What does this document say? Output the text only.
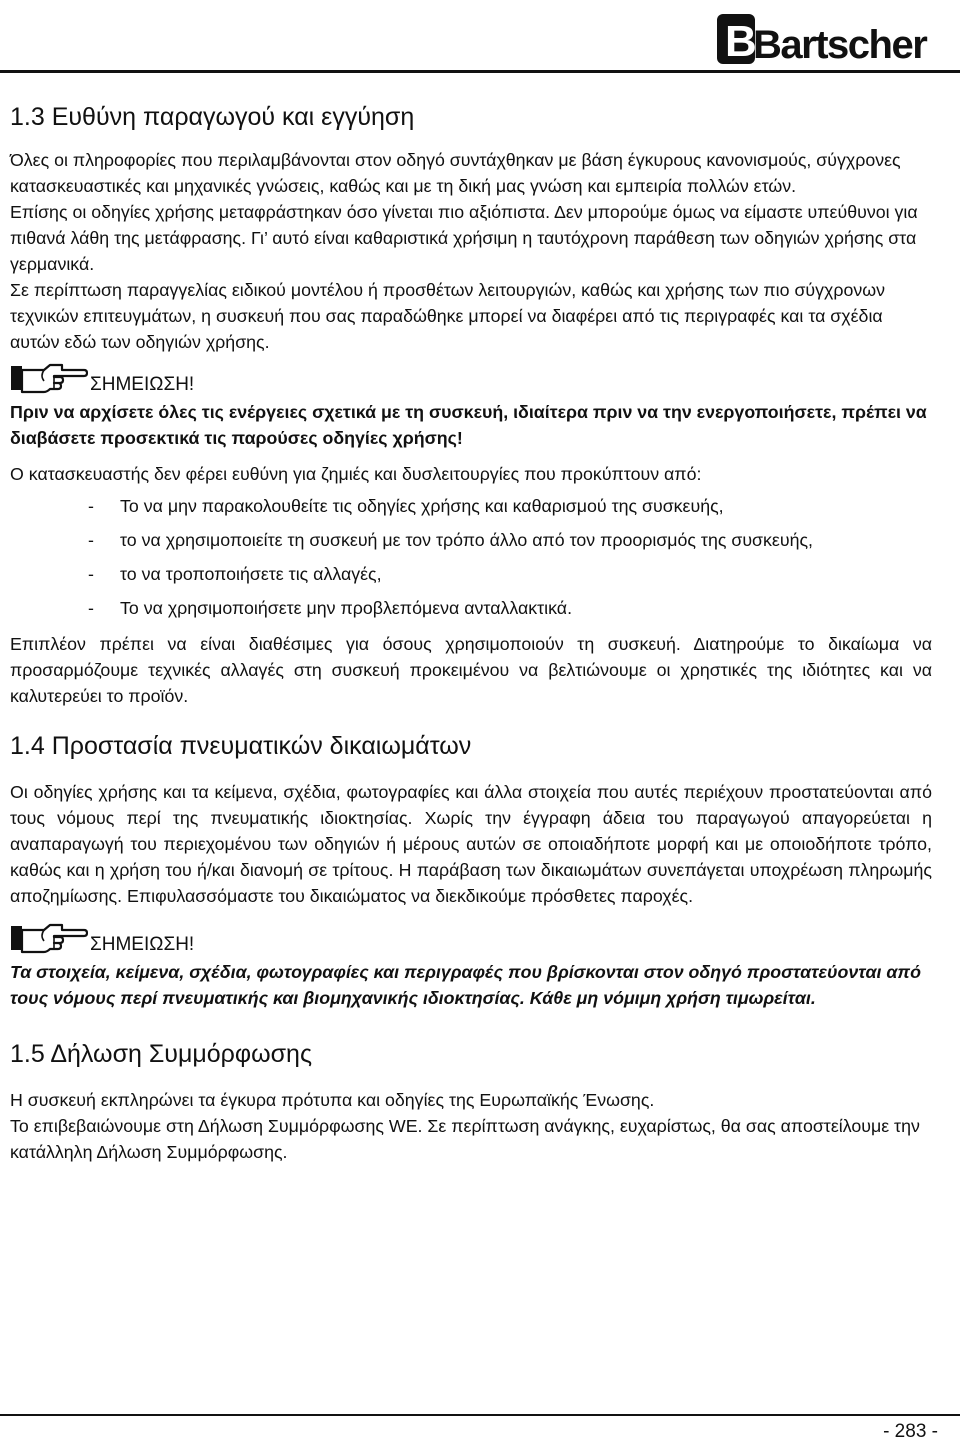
B
Bartscher
1.3 Ευθύνη παραγωγού και εγγύηση

Όλες οι πληροφορίες που περιλαμβάνονται στον οδηγό συντάχθηκαν με βάση έγκυρους κανονισμούς, σύγχρονες κατασκευαστικές και μηχανικές γνώσεις, καθώς και με τη δική μας γνώση και εμπειρία πολλών ετών.

Επίσης οι οδηγίες χρήσης μεταφράστηκαν όσο γίνεται πιο αξιόπιστα. Δεν μπορούμε όμως να είμαστε υπεύθυνοι για πιθανά λάθη της μετάφρασης. Γι’ αυτό είναι καθαριστικά χρήσιμη η ταυτόχρονη παράθεση των οδηγιών χρήσης στα γερμανικά.

Σε περίπτωση παραγγελίας ειδικού μοντέλου ή προσθέτων λειτουργιών, καθώς και χρήσης των πιο σύγχρονων τεχνικών επιτευγμάτων, η συσκευή που σας παραδώθηκε μπορεί να διαφέρει από τις περιγραφές και τα σχέδια αυτών εδώ των οδηγιών χρήσης.

ΣΗΜΕΙΩΣΗ!

Πριν να αρχίσετε όλες τις ενέργειες σχετικά με τη συσκευή, ιδιαίτερα πριν να την ενεργοποιήσετε, πρέπει να διαβάσετε προσεκτικά τις παρούσες οδηγίες χρήσης!

Ο κατασκευαστής δεν φέρει ευθύνη για ζημιές και δυσλειτουργίες που προκύπτουν από:

- Το να μην παρακολουθείτε τις οδηγίες χρήσης και καθαρισμού της συσκευής,
- το να χρησιμοποιείτε τη συσκευή με τον τρόπο άλλο από τον προορισμός της συσκευής,
- το να τροποποιήσετε τις αλλαγές,
- Το να χρησιμοποιήσετε μην προβλεπόμενα ανταλλακτικά.

Επιπλέον πρέπει να είναι διαθέσιμες για όσους χρησιμοποιούν τη συσκευή. Διατηρούμε το δικαίωμα να προσαρμόζουμε τεχνικές αλλαγές στη συσκευή προκειμένου να βελτιώνουμε οι χρηστικές της ιδιότητες και να καλυτερεύει το προϊόν.

1.4 Προστασία πνευματικών δικαιωμάτων

Οι οδηγίες χρήσης και τα κείμενα, σχέδια, φωτογραφίες και άλλα στοιχεία που αυτές περιέχουν προστατεύονται από τους νόμους περί της πνευματικής ιδιοκτησίας. Χωρίς την έγγραφη άδεια του παραγωγού απαγορεύεται η αναπαραγωγή του περιεχομένου των οδηγιών ή μέρους αυτών σε οποιαδήποτε μορφή και με οποιοδήποτε τρόπο, καθώς και η χρήση του ή/και διανομή σε τρίτους. Η παράβαση των δικαιωμάτων συνεπάγεται υποχρέωση πληρωμής αποζημίωσης. Επιφυλασσόμαστε του δικαιώματος να διεκδικούμε πρόσθετες παροχές.

ΣΗΜΕΙΩΣΗ!

Τα στοιχεία, κείμενα, σχέδια, φωτογραφίες και περιγραφές που βρίσκονται στον οδηγό προστατεύονται από τους νόμους περί πνευματικής και βιομηχανικής ιδιοκτησίας. Κάθε μη νόμιμη χρήση τιμωρείται.

1.5 Δήλωση Συμμόρφωσης

Η συσκευή εκπληρώνει τα έγκυρα πρότυπα και οδηγίες της Ευρωπαϊκής Ένωσης.

Το επιβεβαιώνουμε στη Δήλωση Συμμόρφωσης WE. Σε περίπτωση ανάγκης, ευχαρίστως, θα σας αποστείλουμε την κατάλληλη Δήλωση Συμμόρφωσης.

- 283 -
